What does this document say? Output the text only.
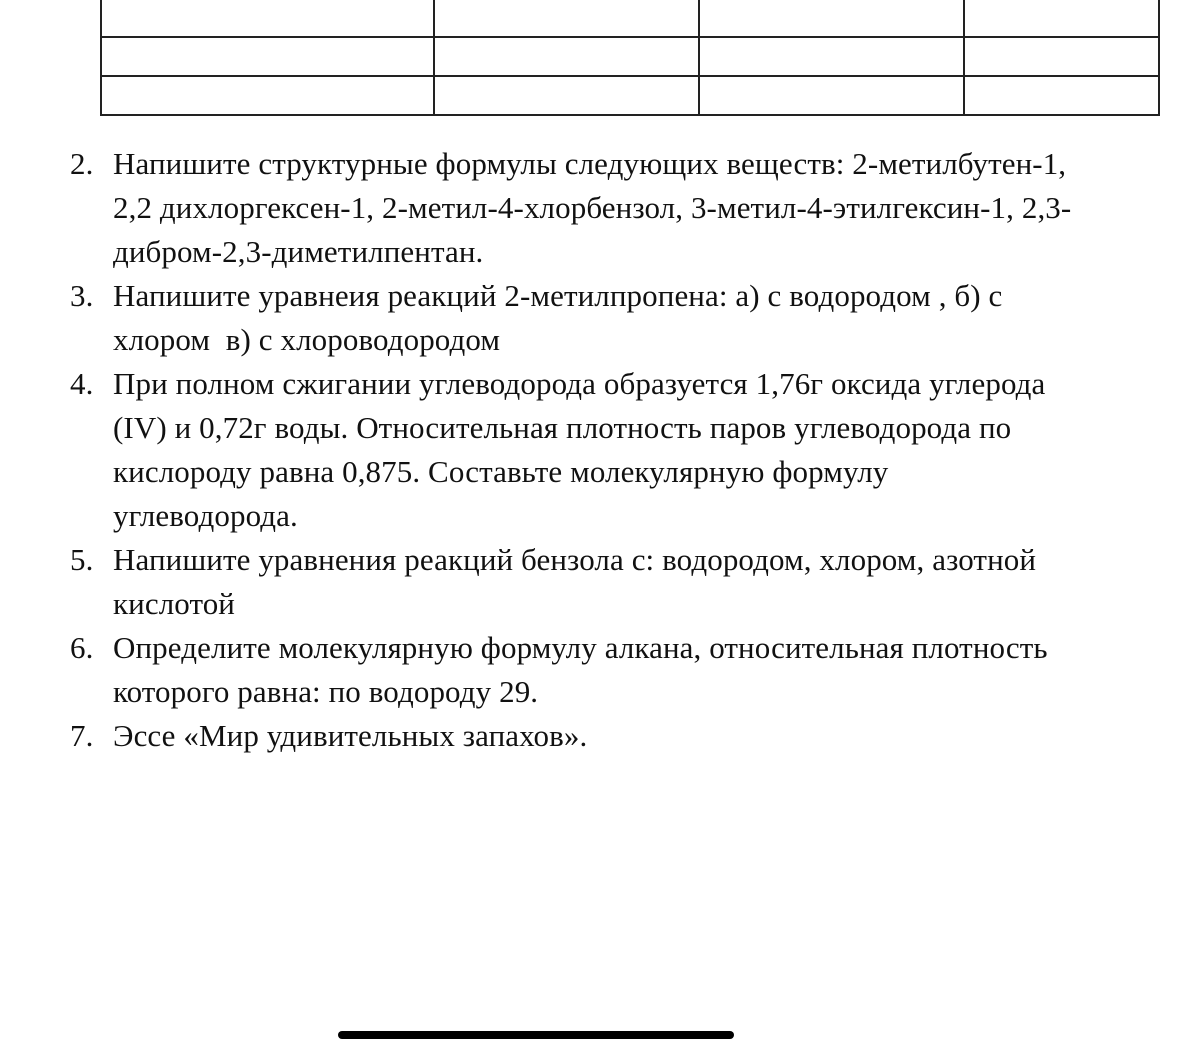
2. Напишите структурные формулы следующих веществ: 2-метилбутен-1,
2,2 дихлоргексен-1, 2-метил-4-хлорбензол, 3-метил-4-этилгексин-1, 2,3-
дибром-2,3-диметилпентан.
3. Напишите уравнеия реакций 2-метилпропена: а) с водородом , б) с
хлором  в) с хлороводородом
4. При полном сжигании углеводорода образуется 1,76г оксида углерода
(IV) и 0,72г воды. Относительная плотность паров углеводорода по
кислороду равна 0,875. Составьте молекулярную формулу
углеводорода.
5. Напишите уравнения реакций бензола с: водородом, хлором, азотной
кислотой
6. Определите молекулярную формулу алкана, относительная плотность
которого равна: по водороду 29.
7. Эссе «Мир удивительных запахов».
